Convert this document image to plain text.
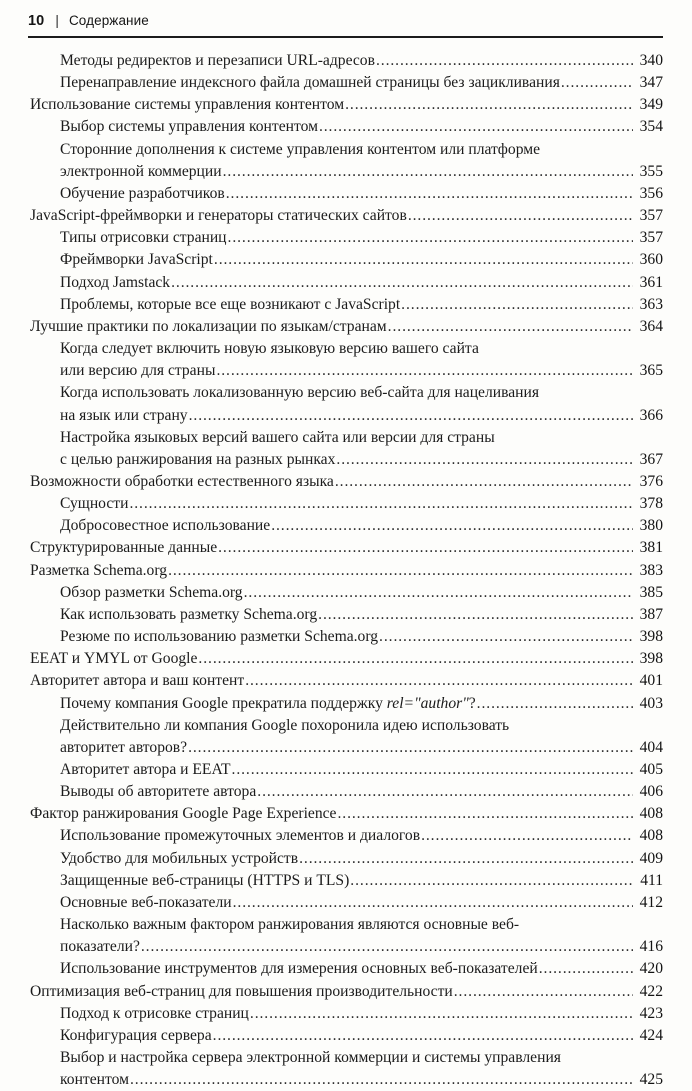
10 | Содержание
Методы редиректов и перезаписи URL-адресов .....	340
Перенаправление индексного файла домашней страницы без зацикливания .....	347
Использование системы управления контентом .....	349
Выбор системы управления контентом .....	354
Сторонние дополнения к системе управления контентом или платформе
электронной коммерции .....	355
Обучение разработчиков .....	356
JavaScript-фреймворки и генераторы статических сайтов .....	357
Типы отрисовки страниц .....	357
Фреймворки JavaScript .....	360
Подход Jamstack .....	361
Проблемы, которые все еще возникают с JavaScript .....	363
Лучшие практики по локализации по языкам/странам .....	364
Когда следует включить новую языковую версию вашего сайта
или версию для страны .....	365
Когда использовать локализованную версию веб-сайта для нацеливания
на язык или страну .....	366
Настройка языковых версий вашего сайта или версии для страны
с целью ранжирования на разных рынках .....	367
Возможности обработки естественного языка .....	376
Сущности .....	378
Добросовестное использование .....	380
Структурированные данные .....	381
Разметка Schema.org .....	383
Обзор разметки Schema.org .....	385
Как использовать разметку Schema.org .....	387
Резюме по использованию разметки Schema.org .....	398
EEAT и YMYL от Google .....	398
Авторитет автора и ваш контент .....	401
Почему компания Google прекратила поддержку rel="author"? .....	403
Действительно ли компания Google похоронила идею использовать
авторитет авторов? .....	404
Авторитет автора и EEAT .....	405
Выводы об авторитете автора .....	406
Фактор ранжирования Google Page Experience .....	408
Использование промежуточных элементов и диалогов .....	408
Удобство для мобильных устройств .....	409
Защищенные веб-страницы (HTTPS и TLS) .....	411
Основные веб-показатели .....	412
Насколько важным фактором ранжирования являются основные веб-
показатели? .....	416
Использование инструментов для измерения основных веб-показателей .....	420
Оптимизация веб-страниц для повышения производительности .....	422
Подход к отрисовке страниц .....	423
Конфигурация сервера .....	424
Выбор и настройка сервера электронной коммерции и системы управления
контентом .....	425
